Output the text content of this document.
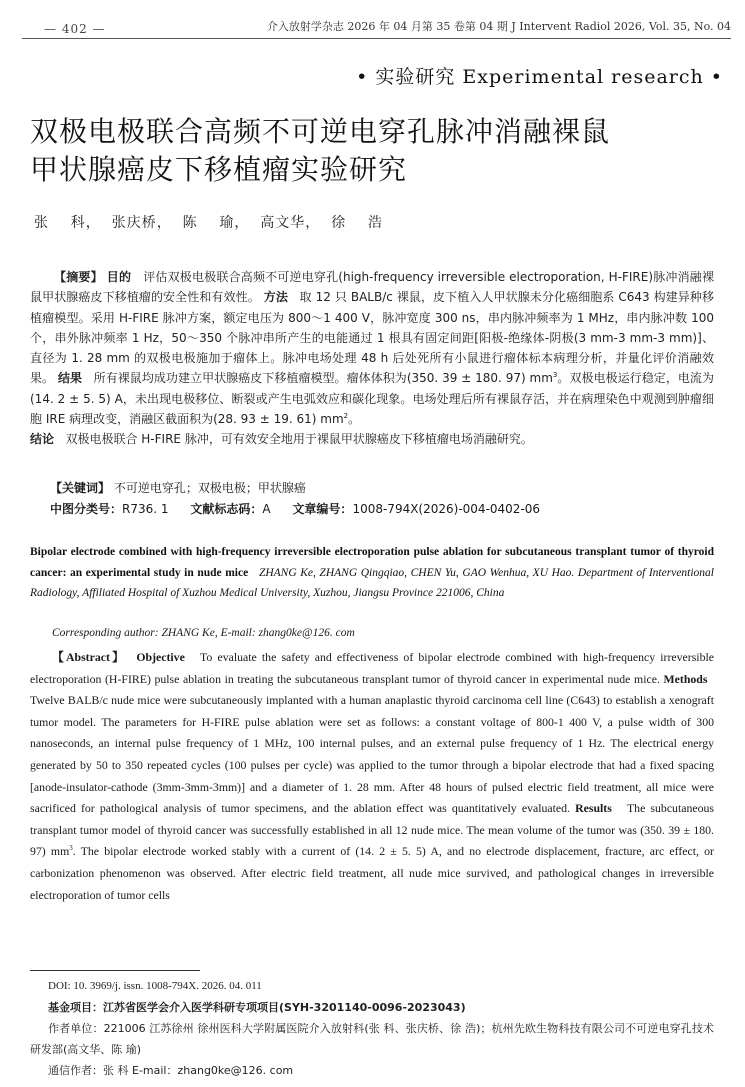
— 402 —	介入放射学杂志 2026 年 04 月第 35 卷第 04 期 J Intervent Radiol 2026, Vol. 35, No. 04
• 实验研究 Experimental research •
双极电极联合高频不可逆电穿孔脉冲消融裸鼠
甲状腺癌皮下移植瘤实验研究
张    科，  张庆桥，  陈    瑜，  高文华，  徐    浩

【摘要】 目的 评估双极电极联合高频不可逆电穿孔(high-frequency irreversible electroporation, H-FIRE)脉冲消融裸鼠甲状腺癌皮下移植瘤的安全性和有效性。 方法 取 12 只 BALB/c 裸鼠，皮下植入人甲状腺未分化癌细胞系 C643 构建异种移植瘤模型。采用 H-FIRE 脉冲方案，额定电压为 800～1 400 V，脉冲宽度 300 ns，串内脉冲频率为 1 MHz，串内脉冲数 100 个，串外脉冲频率 1 Hz，50～350 个脉冲串所产生的电能通过 1 根具有固定间距[阳极-绝缘体-阴极(3 mm-3 mm-3 mm)]、直径为 1. 28 mm 的双极电极施加于瘤体上。脉冲电场处理 48 h 后处死所有小鼠进行瘤体标本病理分析，并量化评价消融效果。 结果 所有裸鼠均成功建立甲状腺癌皮下移植瘤模型。瘤体体积为(350. 39 ± 180. 97) $mm^3$。双极电极运行稳定，电流为(14. 2 ± 5. 5) A，未出现电极移位、断裂或产生电弧效应和碳化现象。电场处理后所有裸鼠存活，并在病理染色中观测到肿瘤细胞 IRE 病理改变，消融区截面积为(28. 93 ± 19. 61) $mm^2$。

结论 双极电极联合 H-FIRE 脉冲，可有效安全地用于裸鼠甲状腺癌皮下移植瘤电场消融研究。

【关键词】 不可逆电穿孔；双极电极；甲状腺癌
中图分类号：R736. 1 文献标志码：A 文章编号：1008-794X(2026)-004-0402-06
Bipolar electrode combined with high-frequency irreversible electroporation pulse ablation for subcutaneous transplant tumor of thyroid cancer: an experimental study in nude mice ZHANG Ke, ZHANG Qingqiao, CHEN Yu, GAO Wenhua, XU Hao. Department of Interventional Radiology, Affiliated Hospital of Xuzhou Medical University, Xuzhou, Jiangsu Province 221006, China
Corresponding author: ZHANG Ke, E-mail: zhang0ke@126. com

【Abstract】 Objective To evaluate the safety and effectiveness of bipolar electrode combined with high-frequency irreversible electroporation (H-FIRE) pulse ablation in treating the subcutaneous transplant tumor of thyroid cancer in experimental nude mice. Methods   Twelve BALB/c nude mice were subcutaneously implanted with a human anaplastic thyroid carcinoma cell line (C643) to establish a xenograft tumor model. The parameters for H-FIRE pulse ablation were set as follows: a constant voltage of 800-1 400 V, a pulse width of 300 nanoseconds, an internal pulse frequency of 1 MHz, 100 internal pulses, and an external pulse frequency of 1 Hz. The electrical energy generated by 50 to 350 repeated cycles (100 pulses per cycle) was applied to the tumor through a bipolar electrode that had a fixed spacing [anode-insulator-cathode (3mm-3mm-3mm)] and a diameter of 1. 28 mm. After 48 hours of pulsed electric field treatment, all mice were sacrificed for pathological analysis of tumor specimens, and the ablation effect was quantitatively evaluated. Results The subcutaneous transplant tumor model of thyroid cancer was successfully established in all 12 nude mice. The mean volume of the tumor was (350. 39 ± 180. 97) $mm^3$. The bipolar electrode worked stably with a current of (14. 2 ± 5. 5) A, and no electrode displacement, fracture, arc effect, or carbonization phenomenon was observed. After electric field treatment, all nude mice survived, and pathological changes in irreversible electroporation of tumor cells

DOI: 10. 3969/j. issn. 1008-794X. 2026. 04. 011
基金项目：江苏省医学会介入医学科研专项项目(SYH-3201140-0096-2023043)
作者单位：221006 江苏徐州 徐州医科大学附属医院介入放射科(张 科、张庆桥、徐 浩)；杭州先欧生物科技有限公司不可逆电穿孔技术研发部(高文华、陈 瑜)
通信作者：张 科 E-mail：zhang0ke@126. com
